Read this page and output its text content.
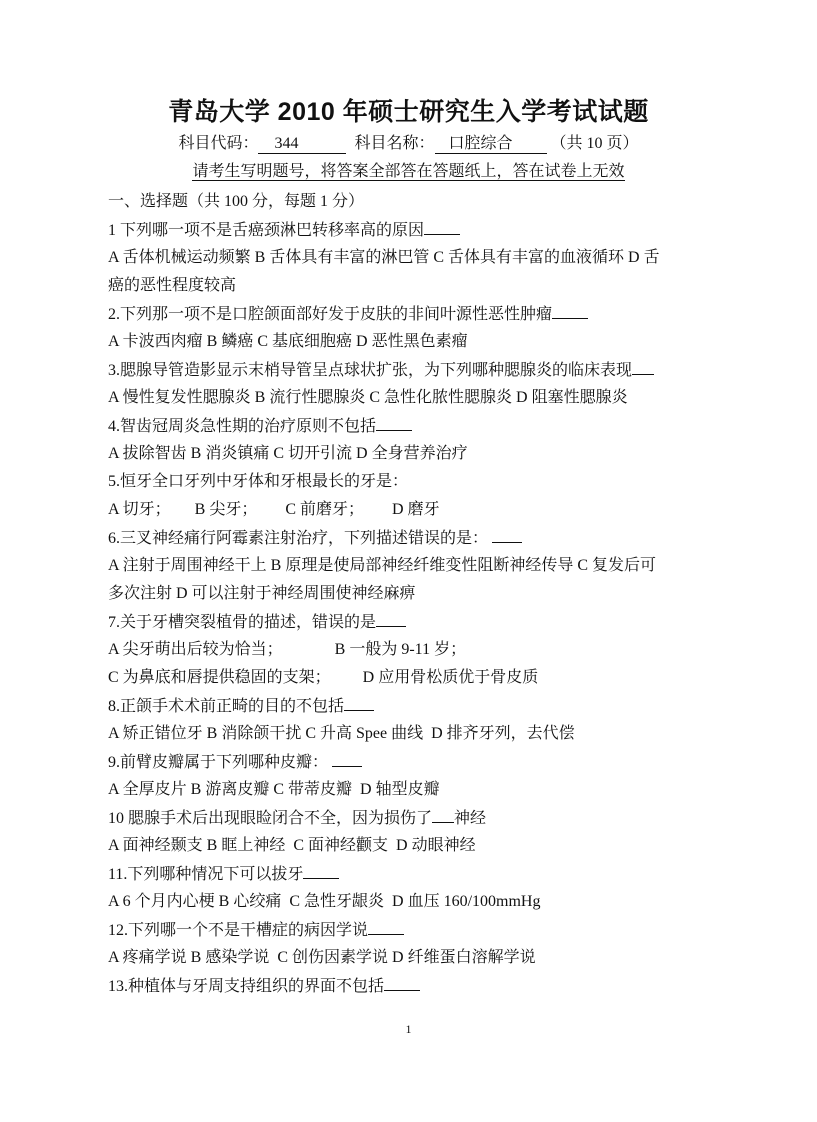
青岛大学 2010 年硕士研究生入学考试试题
科目代码： 344	科目名称： 口腔综合 （共 10 页）
请考生写明题号，将答案全部答在答题纸上，答在试卷上无效
一、选择题（共 100 分，每题 1 分）
1 下列哪一项不是舌癌颈淋巴转移率高的原因
A 舌体机械运动频繁 B 舌体具有丰富的淋巴管 C 舌体具有丰富的血液循环 D 舌
癌的恶性程度较高
2.下列那一项不是口腔颌面部好发于皮肤的非间叶源性恶性肿瘤
A 卡波西肉瘤 B 鳞癌 C 基底细胞癌 D 恶性黑色素瘤
3.腮腺导管造影显示末梢导管呈点球状扩张，为下列哪种腮腺炎的临床表现
A 慢性复发性腮腺炎 B 流行性腮腺炎 C 急性化脓性腮腺炎 D 阻塞性腮腺炎
4.智齿冠周炎急性期的治疗原则不包括
A 拔除智齿 B 消炎镇痛 C 切开引流 D 全身营养治疗
5.恒牙全口牙列中牙体和牙根最长的牙是：
A 切牙；      B 尖牙；       C 前磨牙；       D 磨牙
6.三叉神经痛行阿霉素注射治疗，下列描述错误的是：
A 注射于周围神经干上 B 原理是使局部神经纤维变性阻断神经传导 C 复发后可
多次注射 D 可以注射于神经周围使神经麻痹
7.关于牙槽突裂植骨的描述，错误的是
A 尖牙萌出后较为恰当；             B 一般为 9-11 岁；
C 为鼻底和唇提供稳固的支架；        D 应用骨松质优于骨皮质
8.正颌手术术前正畸的目的不包括
A 矫正错位牙 B 消除颌干扰 C 升高 Spee 曲线  D 排齐牙列，去代偿
9.前臂皮瓣属于下列哪种皮瓣：
A 全厚皮片 B 游离皮瓣 C 带蒂皮瓣  D 轴型皮瓣
10 腮腺手术后出现眼睑闭合不全，因为损伤了 神经
A 面神经颞支 B 眶上神经  C 面神经颧支  D 动眼神经
11.下列哪种情况下可以拔牙
A 6 个月内心梗 B 心绞痛  C 急性牙龈炎  D 血压 160/100mmHg
12.下列哪一个不是干槽症的病因学说
A 疼痛学说 B 感染学说  C 创伤因素学说 D 纤维蛋白溶解学说
13.种植体与牙周支持组织的界面不包括
1
